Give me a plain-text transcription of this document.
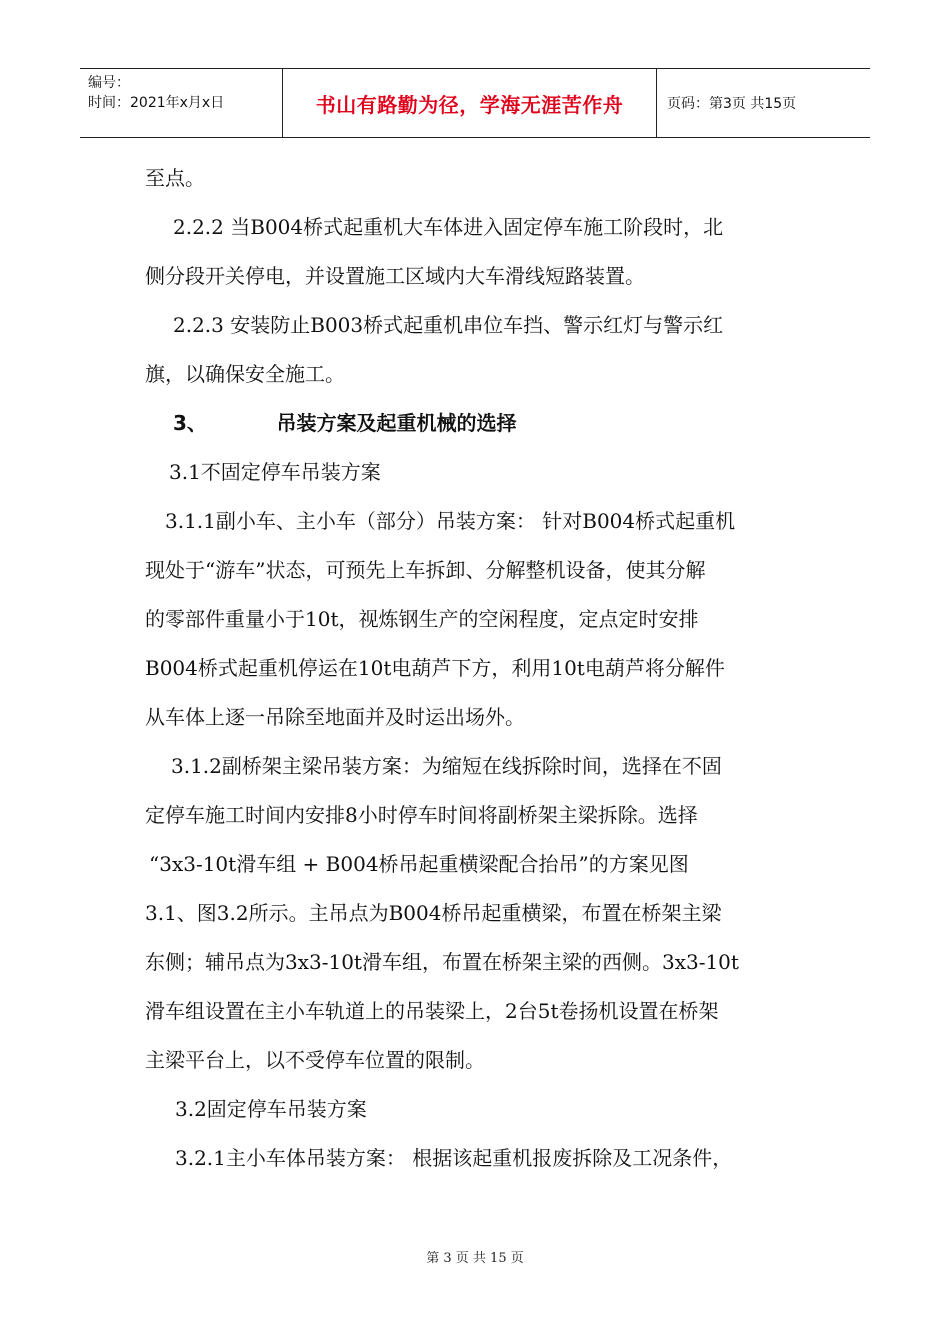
编号：
时间：2021年x月x日	书山有路勤为径，学海无涯苦作舟	页码：第3页 共15页
至点。
2.2.2 当B004桥式起重机大车体进入固定停车施工阶段时，北
侧分段开关停电，并设置施工区域内大车滑线短路装置。
2.2.3 安装防止B003桥式起重机串位车挡、警示红灯与警示红
旗，以确保安全施工。
3、          吊装方案及起重机械的选择
3.1不固定停车吊装方案
3.1.1副小车、主小车（部分）吊装方案： 针对B004桥式起重机
现处于“游车”状态，可预先上车拆卸、分解整机设备，使其分解
的零部件重量小于10t，视炼钢生产的空闲程度，定点定时安排
B004桥式起重机停运在10t电葫芦下方，利用10t电葫芦将分解件
从车体上逐一吊除至地面并及时运出场外。
3.1.2副桥架主梁吊装方案：为缩短在线拆除时间，选择在不固
定停车施工时间内安排8小时停车时间将副桥架主梁拆除。选择
“3x3-10t滑车组 + B004桥吊起重横梁配合抬吊”的方案见图
3.1、图3.2所示。主吊点为B004桥吊起重横梁，布置在桥架主梁
东侧；辅吊点为3x3-10t滑车组，布置在桥架主梁的西侧。3x3-10t
滑车组设置在主小车轨道上的吊装梁上，2台5t卷扬机设置在桥架
主梁平台上，以不受停车位置的限制。
3.2固定停车吊装方案
3.2.1主小车体吊装方案： 根据该起重机报废拆除及工况条件，
第 3 页 共 15 页
